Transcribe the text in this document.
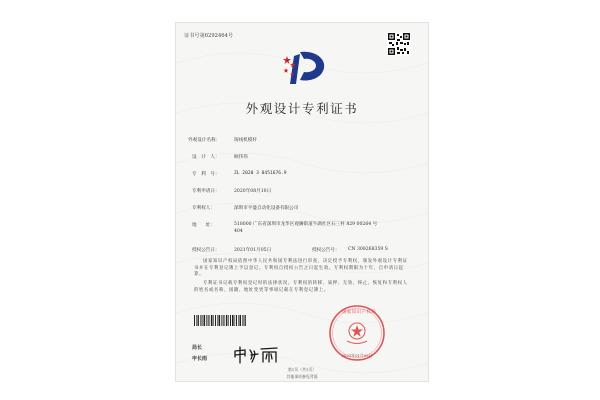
证书号第6292464号
外观设计专利证书
外观设计名称：	铸线机模杆
设　计　人：	顾伟伟
专　利　号：	ZL 2020 3 0451676.9
专利申请日：	2020年08月10日
专利权人：	深圳市平盛自动化设备有限公司
地　　址：	518000 广东省深圳市龙华区观澜街道牛湖社区石三村 829 00264 号 404
授权公告日：	2021年01月05日	授权公告号： CN 308268359 S
国家知识产权局依照中华人民共和国专利法进行审查，决定授予专利权，颁发外观设计专利证书并在专利登记簿上予以登记。专利权自授权公告之日起生效。专利权期限为十年，自申请日起算。
专利证书记载专利权登记时的法律状况。专利权的转移、质押、无效、终止、恢复和专利权人的姓名或名称、国籍、地址变更等事项记载在专利登记簿上。
局长
申长雨
国家知识产权局
2021年01月05日
第1页（共1页）
其他事项参见背面
